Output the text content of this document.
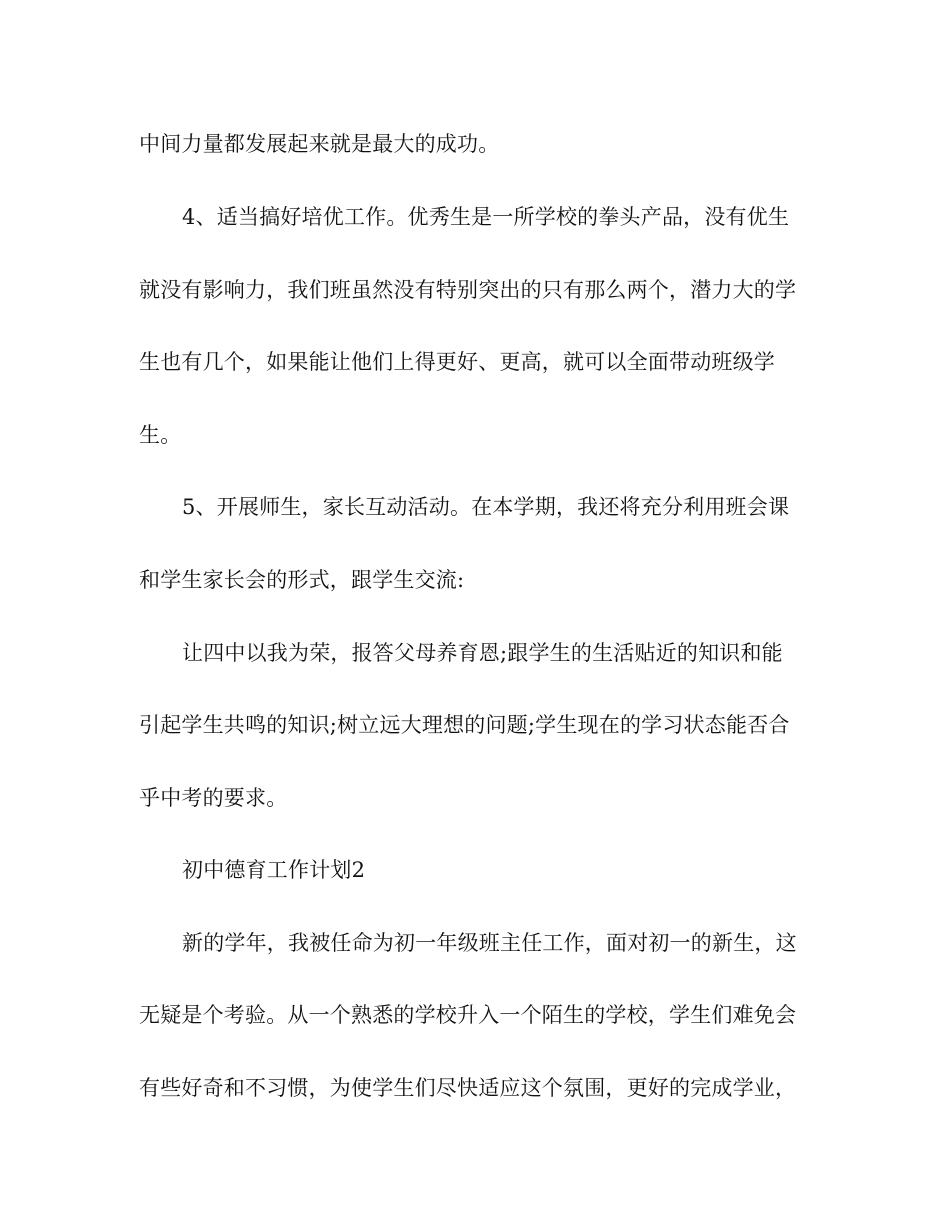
中间力量都发展起来就是最大的成功。
4、适当搞好培优工作。优秀生是一所学校的拳头产品，没有优生
就没有影响力，我们班虽然没有特别突出的只有那么两个，潜力大的学
生也有几个，如果能让他们上得更好、更高，就可以全面带动班级学
生。
5、开展师生，家长互动活动。在本学期，我还将充分利用班会课
和学生家长会的形式，跟学生交流:
让四中以我为荣，报答父母养育恩;跟学生的生活贴近的知识和能
引起学生共鸣的知识;树立远大理想的问题;学生现在的学习状态能否合
乎中考的要求。
初中德育工作计划2
新的学年，我被任命为初一年级班主任工作，面对初一的新生，这
无疑是个考验。从一个熟悉的学校升入一个陌生的学校，学生们难免会
有些好奇和不习惯，为使学生们尽快适应这个氛围，更好的完成学业，
